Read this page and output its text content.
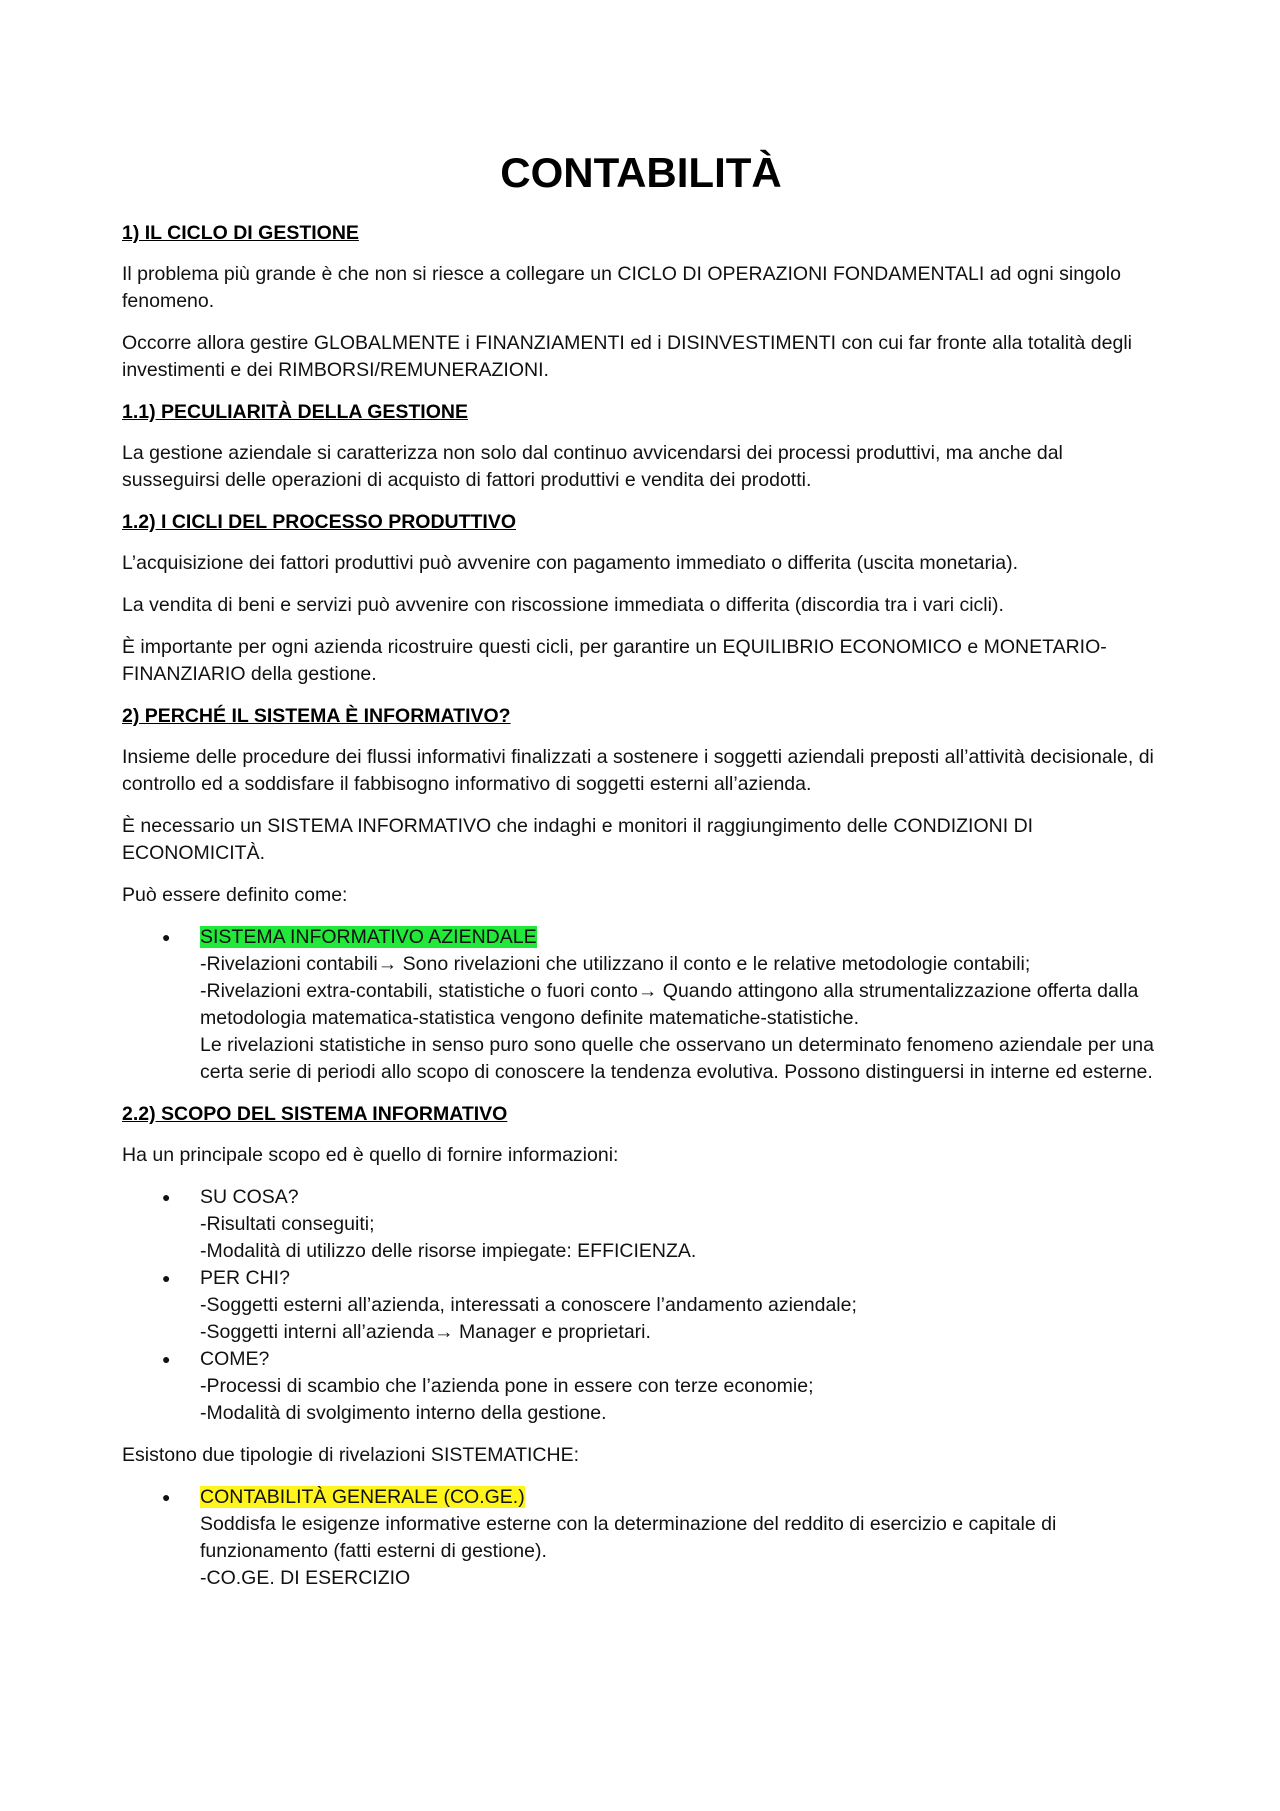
CONTABILITÀ
1) IL CICLO DI GESTIONE

Il problema più grande è che non si riesce a collegare un CICLO DI OPERAZIONI FONDAMENTALI ad ogni singolo fenomeno.

Occorre allora gestire GLOBALMENTE i FINANZIAMENTI ed i DISINVESTIMENTI con cui far fronte alla totalità degli investimenti e dei RIMBORSI/REMUNERAZIONI.

1.1) PECULIARITÀ DELLA GESTIONE

La gestione aziendale si caratterizza non solo dal continuo avvicendarsi dei processi produttivi, ma anche dal susseguirsi delle operazioni di acquisto di fattori produttivi e vendita dei prodotti.

1.2) I CICLI DEL PROCESSO PRODUTTIVO

L’acquisizione dei fattori produttivi può avvenire con pagamento immediato o differita (uscita monetaria).

La vendita di beni e servizi può avvenire con riscossione immediata o differita (discordia tra i vari cicli).

È importante per ogni azienda ricostruire questi cicli, per garantire un EQUILIBRIO ECONOMICO e MONETARIO-FINANZIARIO della gestione.

2) PERCHÉ IL SISTEMA È INFORMATIVO?

Insieme delle procedure dei flussi informativi finalizzati a sostenere i soggetti aziendali preposti all’attività decisionale, di controllo ed a soddisfare il fabbisogno informativo di soggetti esterni all’azienda.

È necessario un SISTEMA INFORMATIVO che indaghi e monitori il raggiungimento delle CONDIZIONI DI ECONOMICITÀ.

Può essere definito come:

● SISTEMA INFORMATIVO AZIENDALE
-Rivelazioni contabili→ Sono rivelazioni che utilizzano il conto e le relative metodologie contabili;
-Rivelazioni extra-contabili, statistiche o fuori conto→ Quando attingono alla strumentalizzazione offerta dalla metodologia matematica-statistica vengono definite matematiche-statistiche.
Le rivelazioni statistiche in senso puro sono quelle che osservano un determinato fenomeno aziendale per una certa serie di periodi allo scopo di conoscere la tendenza evolutiva. Possono distinguersi in interne ed esterne.
2.2) SCOPO DEL SISTEMA INFORMATIVO

Ha un principale scopo ed è quello di fornire informazioni:

● SU COSA?
-Risultati conseguiti;
-Modalità di utilizzo delle risorse impiegate: EFFICIENZA.
● PER CHI?
-Soggetti esterni all’azienda, interessati a conoscere l’andamento aziendale;
-Soggetti interni all’azienda→ Manager e proprietari.
● COME?
-Processi di scambio che l’azienda pone in essere con terze economie;
-Modalità di svolgimento interno della gestione.

Esistono due tipologie di rivelazioni SISTEMATICHE:

● CONTABILITÀ GENERALE (CO.GE.)
Soddisfa le esigenze informative esterne con la determinazione del reddito di esercizio e capitale di funzionamento (fatti esterni di gestione).
-CO.GE. DI ESERCIZIO
